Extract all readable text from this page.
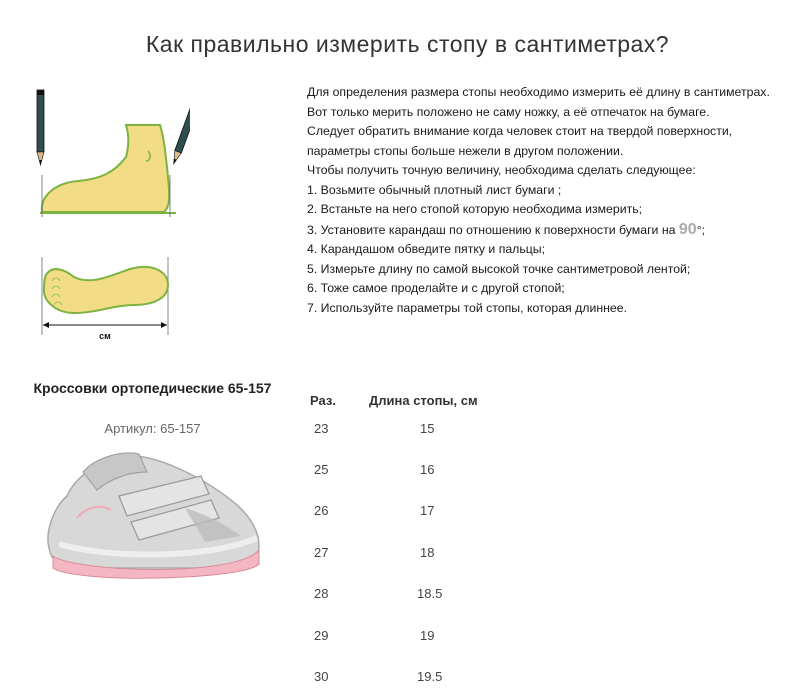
Как правильно измерить стопу в сантиметрах?
см

Для определения размера стопы необходимо измерить её длину в сантиметрах. Вот только мерить положено не саму ножку, а её отпечаток на бумаге.

Следует обратить внимание когда человек стоит на твердой поверхности, параметры стопы больше нежели в другом положении.

Чтобы получить точную величину, необходима сделать следующее:

1. Возьмите обычный плотный лист бумаги ;
2. Встаньте на него стопой которую необходима измерить;
3. Установите карандаш по отношению к поверхности бумаги на 90°;
4. Карандашом обведите пятку и пальцы;
5. Измерьте длину по самой высокой точке сантиметровой лентой;
6. Тоже самое проделайте и с другой стопой;
7. Используйте параметры той стопы, которая длиннее.
Кроссовки ортопедические 65-157
Артикул: 65-157
Раз.	Длина стопы, см
23	15
25	16
26	17
27	18
28	18.5
29	19
30	19.5
